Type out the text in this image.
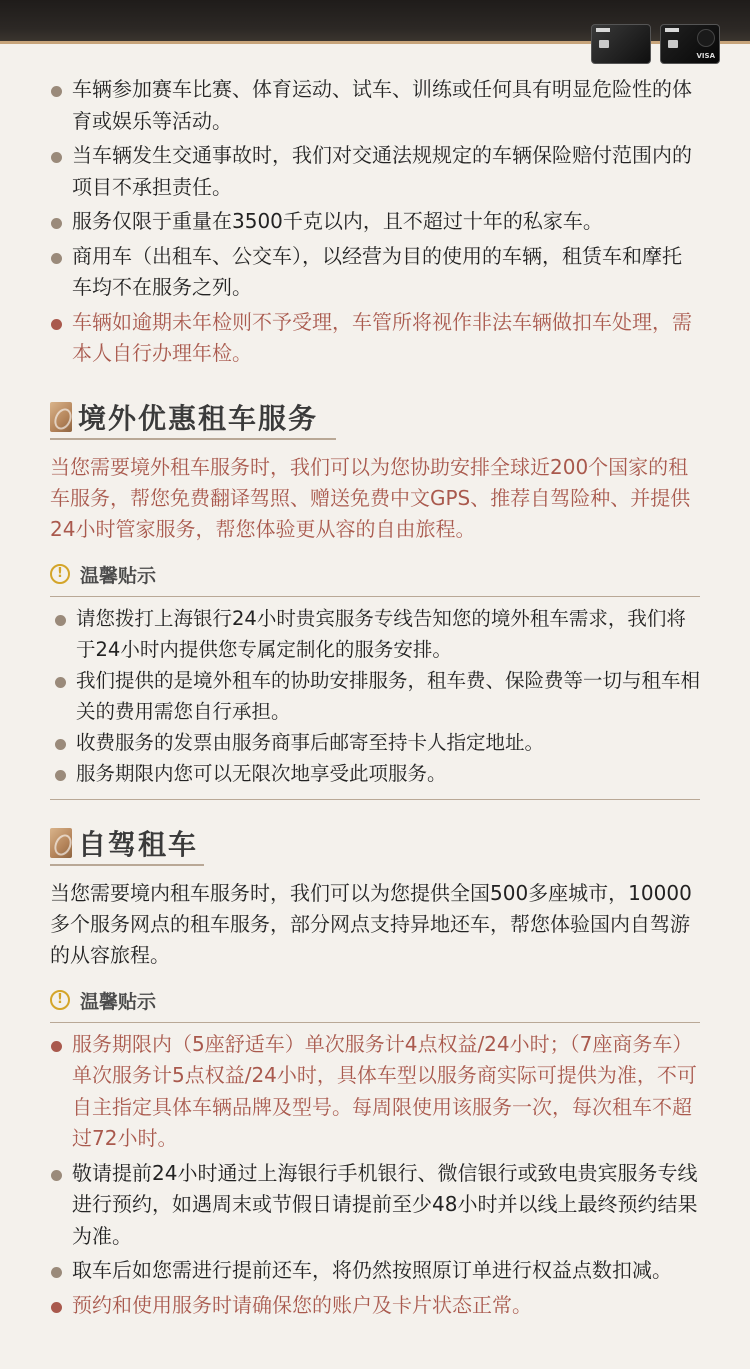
VISA
车辆参加赛车比赛、体育运动、试车、训练或任何具有明显危险性的体育或娱乐等活动。
当车辆发生交通事故时，我们对交通法规规定的车辆保险赔付范围内的项目不承担责任。
服务仅限于重量在3500千克以内，且不超过十年的私家车。
商用车（出租车、公交车），以经营为目的使用的车辆，租赁车和摩托车均不在服务之列。
车辆如逾期未年检则不予受理，车管所将视作非法车辆做扣车处理，需本人自行办理年检。
境外优惠租车服务

当您需要境外租车服务时，我们可以为您协助安排全球近200个国家的租车服务，帮您免费翻译驾照、赠送免费中文GPS、推荐自驾险种、并提供24小时管家服务，帮您体验更从容的自由旅程。

! 温馨贴示
请您拨打上海银行24小时贵宾服务专线告知您的境外租车需求，我们将于24小时内提供您专属定制化的服务安排。
我们提供的是境外租车的协助安排服务，租车费、保险费等一切与租车相关的费用需您自行承担。
收费服务的发票由服务商事后邮寄至持卡人指定地址。
服务期限内您可以无限次地享受此项服务。
自驾租车

当您需要境内租车服务时，我们可以为您提供全国500多座城市，10000多个服务网点的租车服务，部分网点支持异地还车，帮您体验国内自驾游的从容旅程。

! 温馨贴示
服务期限内（5座舒适车）单次服务计4点权益/24小时；（7座商务车）单次服务计5点权益/24小时，具体车型以服务商实际可提供为准，不可自主指定具体车辆品牌及型号。每周限使用该服务一次，每次租车不超过72小时。
敬请提前24小时通过上海银行手机银行、微信银行或致电贵宾服务专线进行预约，如遇周末或节假日请提前至少48小时并以线上最终预约结果为准。
取车后如您需进行提前还车，将仍然按照原订单进行权益点数扣减。
预约和使用服务时请确保您的账户及卡片状态正常。
